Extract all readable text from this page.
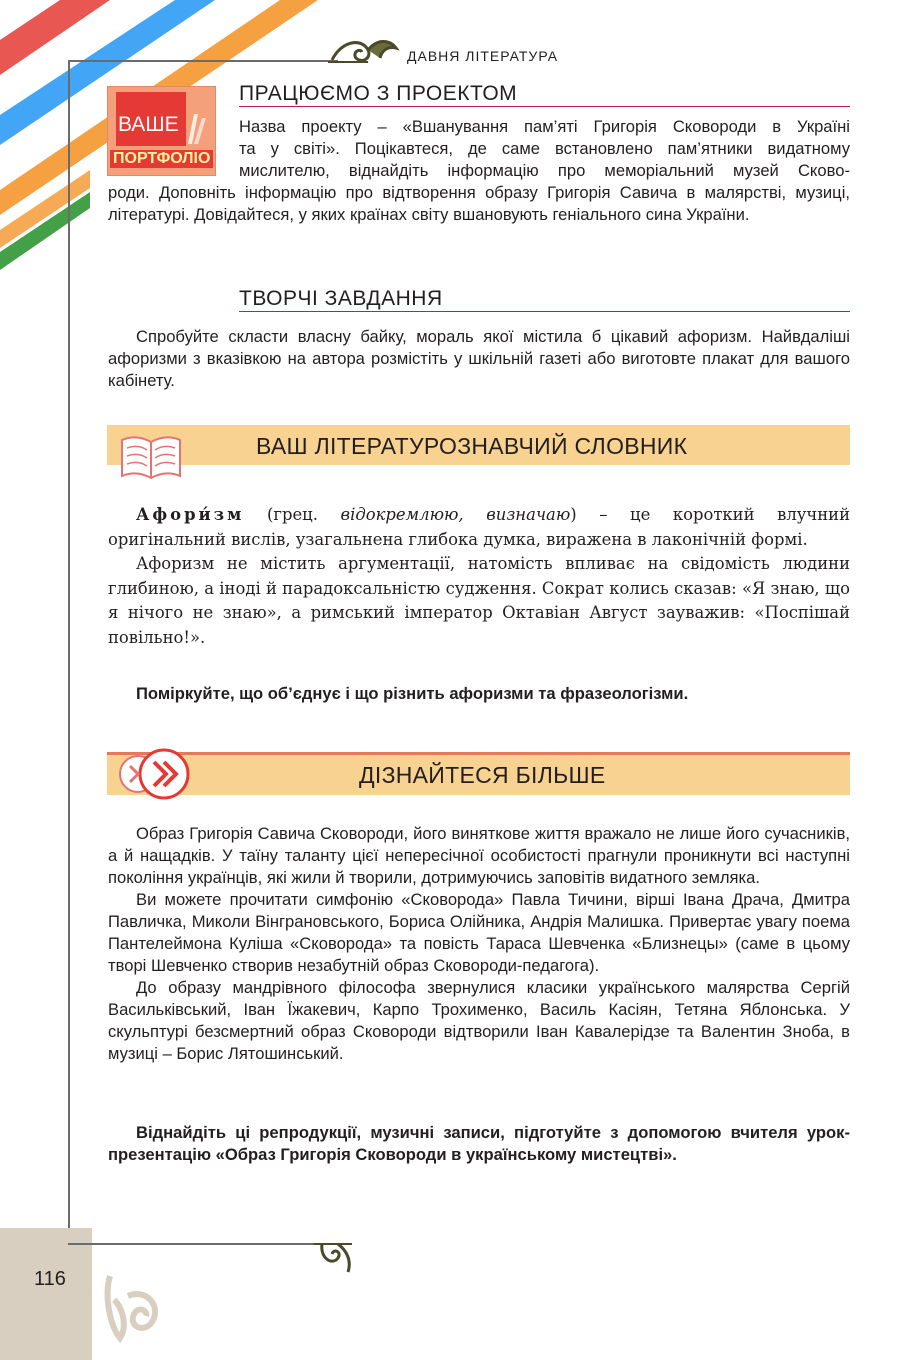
ДАВНЯ ЛІТЕРАТУРА
ВАШЕ
ПОРТФОЛІО
ПРАЦЮЄМО З ПРОЕКТОМ

Назва проекту – «Вшанування пам’яті Григорія Сковороди в Україні

та у світі». Поцікавтеся, де саме встановлено пам’ятники видатному

мислителю, віднайдіть інформацію про меморіальний музей Сково-

роди. Доповніть інформацію про відтворення образу Григорія Савича в малярстві, музиці, літературі. Довідайтеся, у яких країнах світу вшановують геніального сина України.
ТВОРЧІ ЗАВДАННЯ

Спробуйте скласти власну байку, мораль якої містила б цікавий афоризм. Найвдаліші афоризми з вказівкою на автора розмістіть у шкільній газеті або виготовте плакат для вашого кабінету.

ВАШ ЛІТЕРАТУРОЗНАВЧИЙ СЛОВНИК

Афори́зм (грец. відокремлюю, визначаю) – це короткий влучний оригінальний вислів, узагальнена глибока думка, виражена в лаконічній формі.

Афоризм не містить аргументації, натомість впливає на свідомість людини глибиною, а іноді й парадоксальністю судження. Сократ колись сказав: «Я знаю, що я нічого не знаю», а римський імператор Октавіан Август зауважив: «Поспішай повільно!».

Поміркуйте, що об’єднує і що різнить афоризми та фразеологізми.
ДІЗНАЙТЕСЯ БІЛЬШЕ

Образ Григорія Савича Сковороди, його винятковe життя вражало не лише його сучасників, а й нащадків. У таїну таланту цієї непересічної особистості прагнули проникнути всі наступні покоління українців, які жили й творили, дотримуючись заповітів видатного земляка.

Ви можете прочитати симфонію «Сковорода» Павла Тичини, вірші Івана Драча, Дмитра Павличка, Миколи Вінграновського, Бориса Олійника, Андрія Малишка. Привертає увагу поема Пантелеймона Куліша «Сковорода» та повість Тараса Шевченка «Близнецы» (саме в цьому творі Шевченко створив незабутній образ Сковороди-педагога).

До образу мандрівного філософа звернулися класики українського малярства Сергій Васильківський, Іван Їжакевич, Карпо Трохименко, Василь Касіян, Тетяна Яблонська. У скульптурі безсмертний образ Сковороди відтворили Іван Кавалерідзе та Валентин Зноба, в музиці – Борис Лятошинський.

Віднайдіть ці репродукції, музичні записи, підготуйте з допомогою вчителя урок-презентацію «Образ Григорія Сковороди в українському мистецтві».

116
